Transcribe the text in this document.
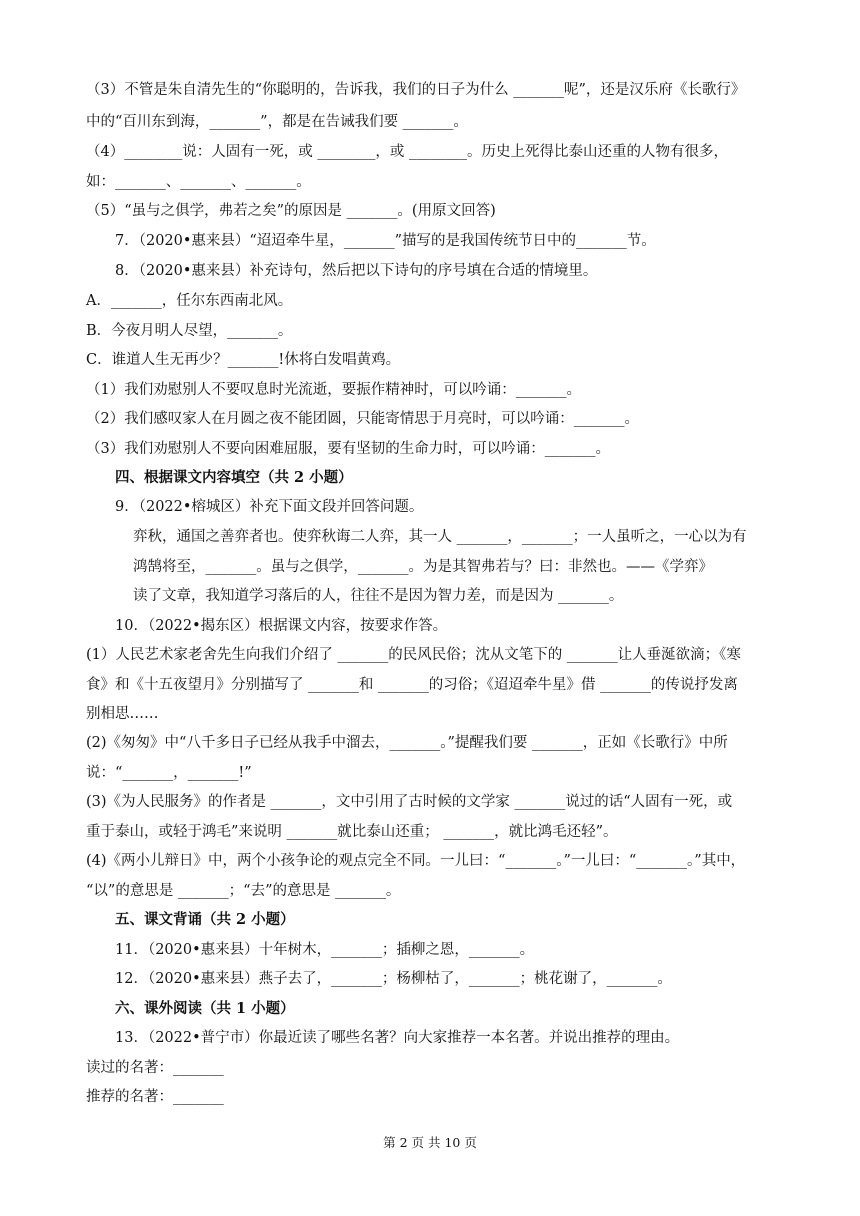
（3）不管是朱自清先生的“你聪明的，告诉我，我们的日子为什么 _______呢”，还是汉乐府《长歌行》
中的“百川东到海，_______”，都是在告诫我们要 _______。
（4）________说：人固有一死，或 ________，或 ________。历史上死得比泰山还重的人物有很多，
如：_______、_______、_______。
（5）“虽与之俱学，弗若之矣”的原因是 _______。(用原文回答)
7．（2020•惠来县）“迢迢牵牛星，_______”描写的是我国传统节日中的_______节。
8．（2020•惠来县）补充诗句，然后把以下诗句的序号填在合适的情境里。
A．_______，任尔东西南北风。
B．今夜月明人尽望，_______。
C．谁道人生无再少？_______!休将白发唱黄鸡。
（1）我们劝慰别人不要叹息时光流逝，要振作精神时，可以吟诵：_______。
（2）我们感叹家人在月圆之夜不能团圆，只能寄情思于月亮时，可以吟诵：_______。
（3）我们劝慰别人不要向困难屈服，要有坚韧的生命力时，可以吟诵：_______。
四、根据课文内容填空（共 2 小题）
9．（2022•榕城区）补充下面文段并回答问题。
弈秋，通国之善弈者也。使弈秋诲二人弈，其一人 _______，_______；一人虽听之，一心以为有
鸿鹄将至，_______。虽与之俱学，_______。为是其智弗若与？曰：非然也。——《学弈》
读了文章，我知道学习落后的人，往往不是因为智力差，而是因为 _______。
10．（2022•揭东区）根据课文内容，按要求作答。
(1）人民艺术家老舍先生向我们介绍了 _______的民风民俗；沈从文笔下的 _______让人垂涎欲滴；《寒
食》和《十五夜望月》分别描写了 _______和 _______的习俗；《迢迢牵牛星》借 _______的传说抒发离
别相思……
(2)《匆匆》中“八千多日子已经从我手中溜去，_______。”提醒我们要 _______，正如《长歌行》中所
说：“_______，_______!”
(3)《为人民服务》的作者是 _______，文中引用了古时候的文学家 _______说过的话“人固有一死，或
重于泰山，或轻于鸿毛”来说明 _______就比泰山还重； _______，就比鸿毛还轻”。
(4)《两小儿辩日》中，两个小孩争论的观点完全不同。一儿曰：“_______。”一儿曰：“_______。”其中，
“以”的意思是 _______；“去”的意思是 _______。
五、课文背诵（共 2 小题）
11．（2020•惠来县）十年树木，_______；插柳之恩，_______。
12．（2020•惠来县）燕子去了，_______；杨柳枯了，_______；桃花谢了，_______。
六、课外阅读（共 1 小题）
13．（2022•普宁市）你最近读了哪些名著？向大家推荐一本名著。并说出推荐的理由。
读过的名著：_______
推荐的名著：_______
第 2 页 共 10 页
